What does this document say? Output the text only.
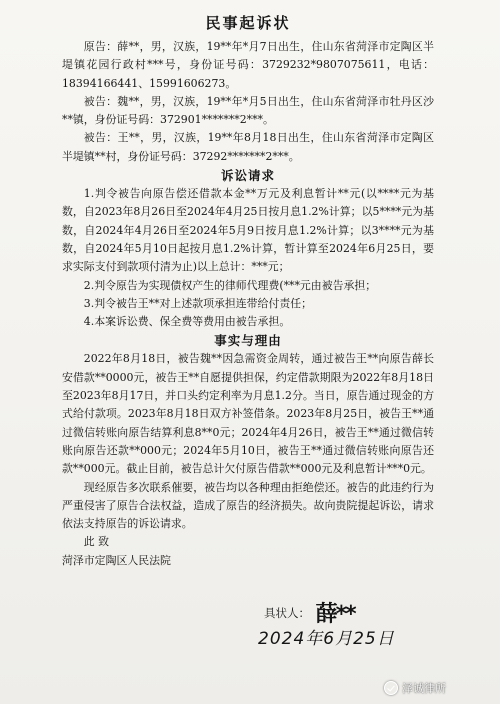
民事起诉状

原告：薛**，男，汉族，19**年*月7日出生，住山东省菏泽市定陶区半堤镇花园行政村***号，身份证号码：3729232*9807075611，电话：18394166441、15991606273。

被告：魏**，男，汉族，19**年*月5日出生，住山东省菏泽市牡丹区沙**镇，身份证号码：372901*******2***。

被告：王**，男，汉族，19**年8月18日出生，住山东省菏泽市定陶区半堤镇**村，身份证号码：37292*******2***。

诉讼请求

1.判令被告向原告偿还借款本金**万元及利息暂计**元(以****元为基数，自2023年8月26日至2024年4月25日按月息1.2%计算；以5****元为基数，自2024年4月26日至2024年5月9日按月息1.2%计算；以3****元为基数，自2024年5月10日起按月息1.2%计算，暂计算至2024年6月25日，要求实际支付到款项付清为止)以上总计：***元；

2.判令原告为实现债权产生的律师代理费(***元由被告承担；

3.判令被告王**对上述款项承担连带给付责任；

4.本案诉讼费、保全费等费用由被告承担。

事实与理由

2022年8月18日，被告魏**因急需资金周转，通过被告王**向原告薛长安借款**0000元，被告王**自愿提供担保，约定借款期限为2022年8月18日至2023年8月17日，并口头约定利率为月息1.2分。当日，原告通过现金的方式给付款项。2023年8月18日双方补签借条。2023年8月25日，被告王**通过微信转账向原告结算利息8**0元；2024年4月26日，被告王**通过微信转账向原告还款**000元；2024年5月10日，被告王**通过微信转账向原告还款**000元。截止目前，被告总计欠付原告借款**000元及利息暂计***0元。

现经原告多次联系催要，被告均以各种理由拒绝偿还。被告的此违约行为严重侵害了原告合法权益，造成了原告的经济损失。故向贵院提起诉讼，请求依法支持原告的诉讼请求。

此 致

菏泽市定陶区人民法院

具状人： 薛**
2024年6月25日
泽诚律所
